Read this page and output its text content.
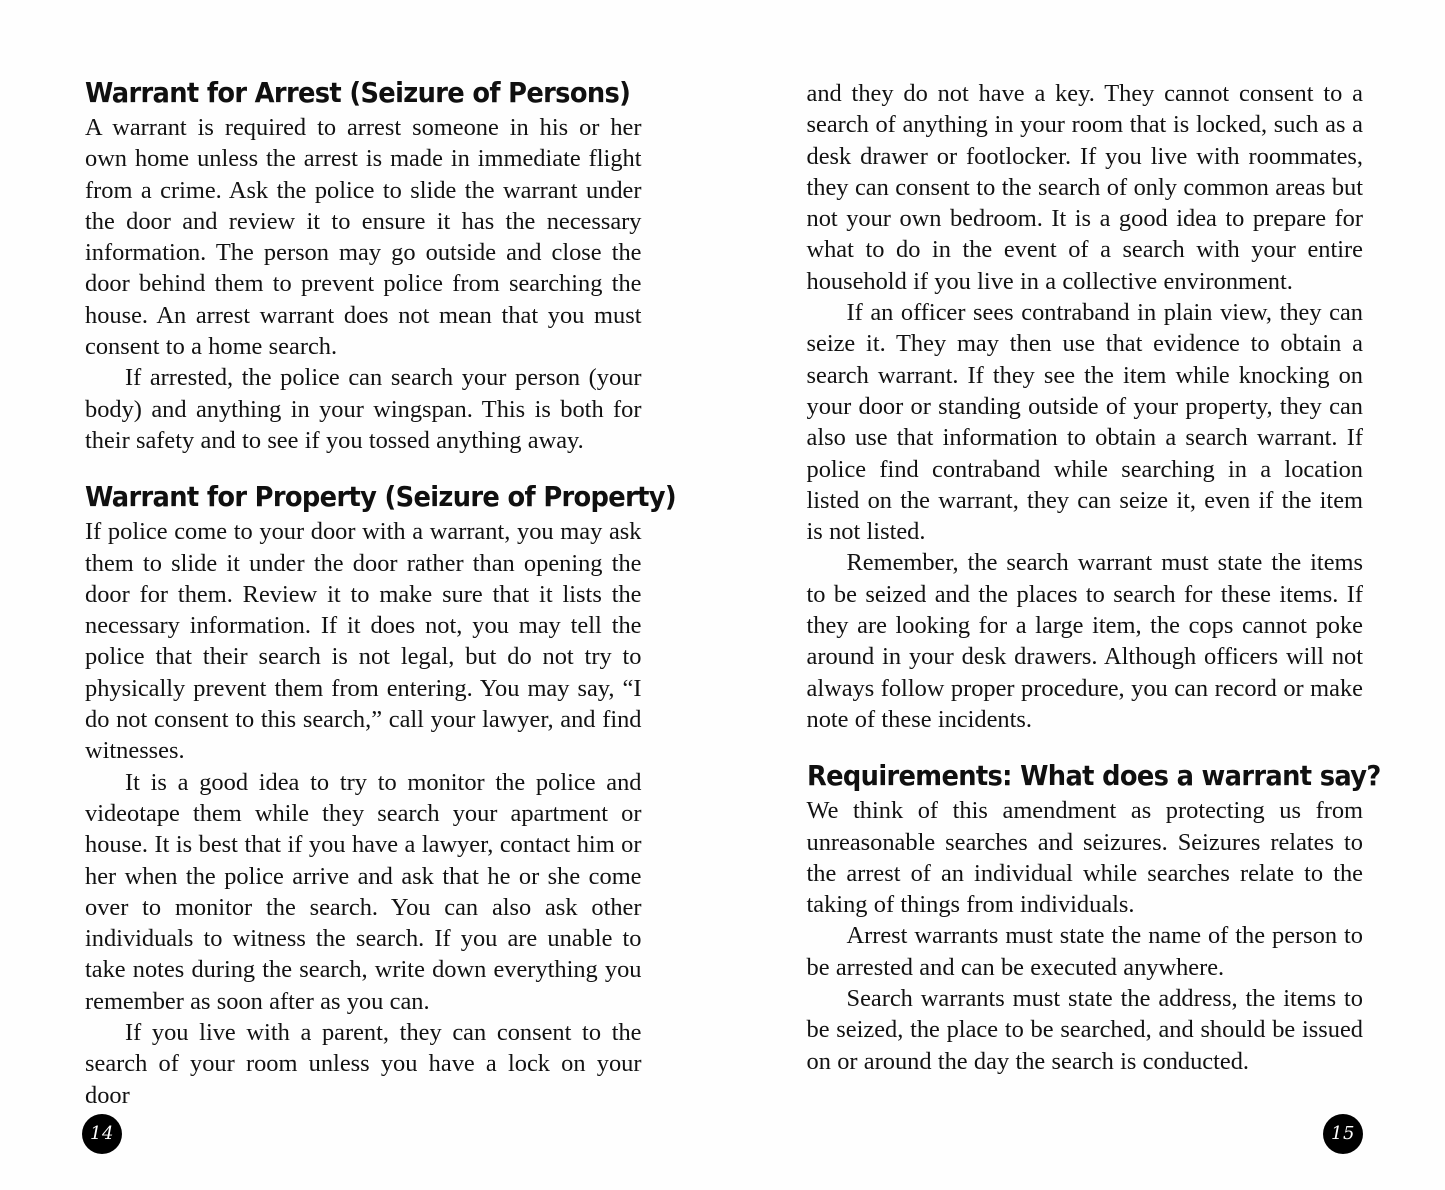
Warrant for Arrest (Seizure of Persons)

A warrant is required to arrest someone in his or her own home unless the arrest is made in immediate flight from a crime. Ask the police to slide the warrant under the door and review it to ensure it has the necessary information. The person may go outside and close the door behind them to prevent police from searching the house. An arrest warrant does not mean that you must consent to a home search.

If arrested, the police can search your person (your body) and anything in your wingspan. This is both for their safety and to see if you tossed anything away.

Warrant for Property (Seizure of Property)

If police come to your door with a warrant, you may ask them to slide it under the door rather than opening the door for them. Review it to make sure that it lists the necessary information. If it does not, you may tell the police that their search is not legal, but do not try to physically prevent them from entering. You may say, “I do not consent to this search,” call your lawyer, and find witnesses.

It is a good idea to try to monitor the police and videotape them while they search your apartment or house. It is best that if you have a lawyer, contact him or her when the police arrive and ask that he or she come over to monitor the search. You can also ask other individuals to witness the search. If you are unable to take notes during the search, write down everything you remember as soon after as you can.

If you live with a parent, they can consent to the search of your room unless you have a lock on your door

14

and they do not have a key. They cannot consent to a search of anything in your room that is locked, such as a desk drawer or footlocker. If you live with roommates, they can consent to the search of only common areas but not your own bedroom. It is a good idea to prepare for what to do in the event of a search with your entire household if you live in a collective environment.

If an officer sees contraband in plain view, they can seize it. They may then use that evidence to obtain a search warrant. If they see the item while knocking on your door or standing outside of your property, they can also use that information to obtain a search warrant. If police find contraband while searching in a location listed on the warrant, they can seize it, even if the item is not listed.

Remember, the search warrant must state the items to be seized and the places to search for these items. If they are looking for a large item, the cops cannot poke around in your desk drawers. Although officers will not always follow proper procedure, you can record or make note of these incidents.

Requirements: What does a warrant say?

We think of this amendment as protecting us from unreasonable searches and seizures. Seizures relates to the arrest of an individual while searches relate to the taking of things from individuals.

Arrest warrants must state the name of the person to be arrested and can be executed anywhere.

Search warrants must state the address, the items to be seized, the place to be searched, and should be issued on or around the day the search is conducted.

15
